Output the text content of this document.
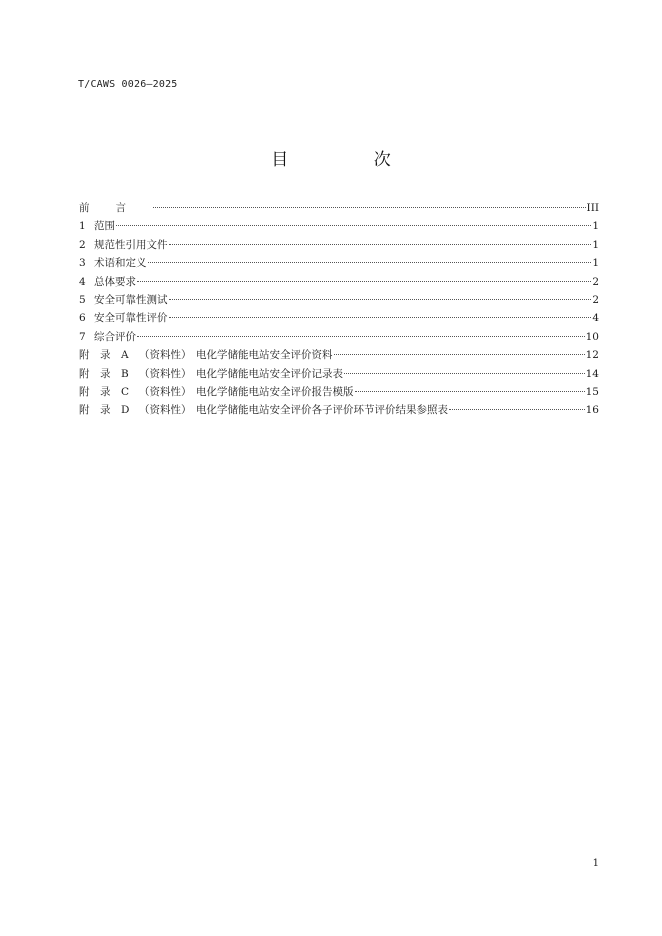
T/CAWS 0026—2025
目 次
前言	III
1 范围	1
2 规范性引用文件	1
3 术语和定义	1
4 总体要求	2
5 安全可靠性测试	2
6 安全可靠性评价	4
7 综合评价	10
附 录 A （资料性） 电化学储能电站安全评价资料	12
附 录 B （资料性） 电化学储能电站安全评价记录表	14
附 录 C （资料性） 电化学储能电站安全评价报告模版	15
附 录 D （资料性） 电化学储能电站安全评价各子评价环节评价结果参照表	16
1
